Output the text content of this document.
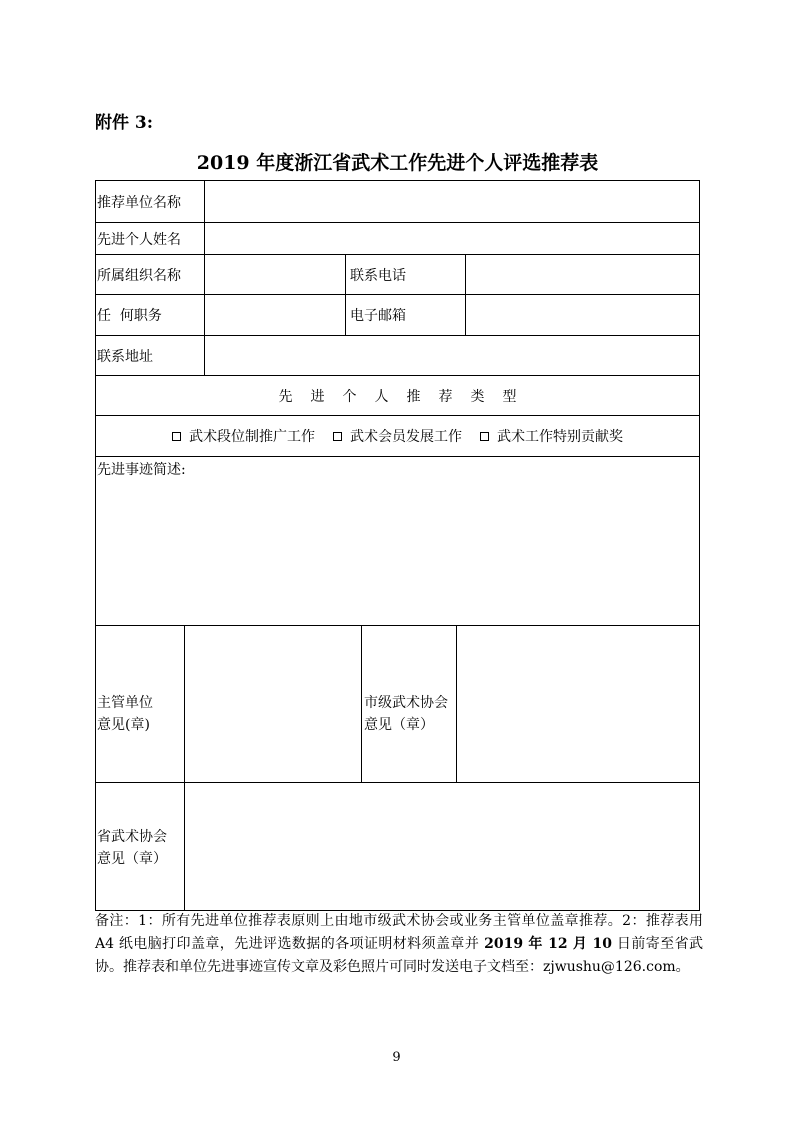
附件 3:
2019 年度浙江省武术工作先进个人评选推荐表
推荐单位名称
先进个人姓名
所属组织名称	联系电话
任  何职务	电子邮箱
联系地址
先进个人推荐类型
武术段位制推广工作	武术会员发展工作	武术工作特别贡献奖
先进事迹简述:
主管单位
意见(章)
市级武术协会
意见（章）
省武术协会
意见（章）
备注：1：所有先进单位推荐表原则上由地市级武术协会或业务主管单位盖章推荐。2：推荐表用 A4 纸电脑打印盖章，先进评选数据的各项证明材料须盖章并 2019 年 12 月 10 日前寄至省武协。推荐表和单位先进事迹宣传文章及彩色照片可同时发送电子文档至：zjwushu@126.com。
9
